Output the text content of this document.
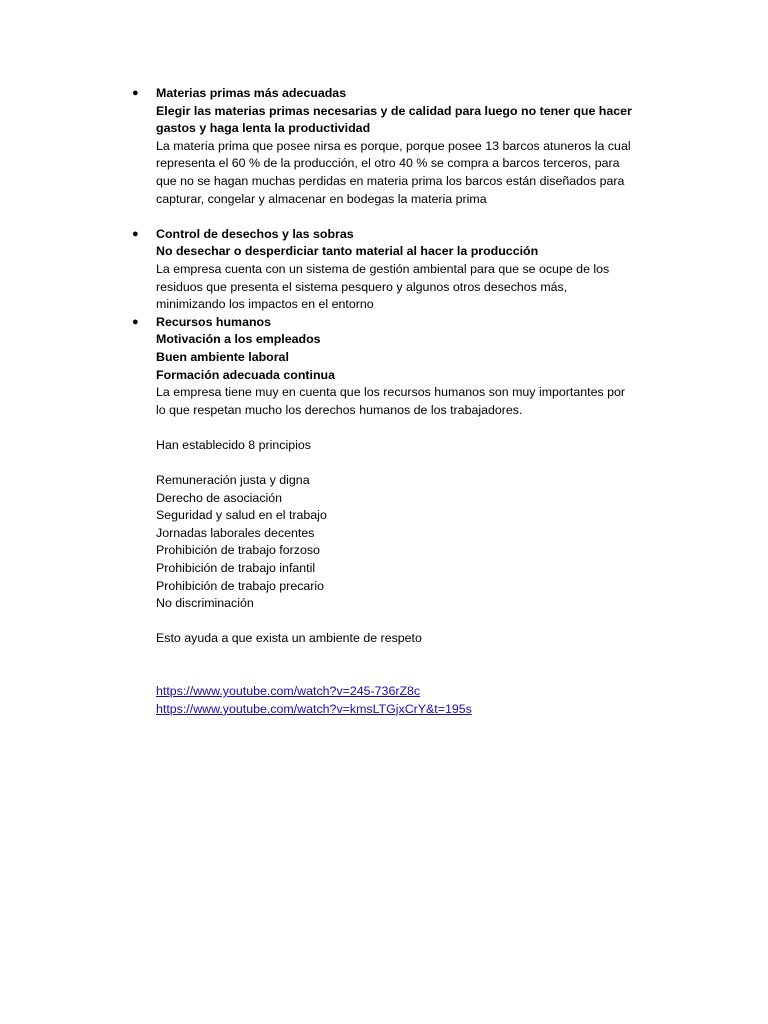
● Materias primas más adecuadas
Elegir las materias primas necesarias y de calidad para luego no tener que hacer
gastos y haga lenta la productividad
La materia prima que posee nirsa es porque, porque posee 13 barcos atuneros la cual
representa el 60 % de la producción, el otro 40 % se compra a barcos terceros, para
que no se hagan muchas perdidas en materia prima los barcos están diseñados para
capturar, congelar y almacenar en bodegas la materia prima
● Control de desechos y las sobras
No desechar o desperdiciar tanto material al hacer la producción
La empresa cuenta con un sistema de gestión ambiental para que se ocupe de los
residuos que presenta el sistema pesquero y algunos otros desechos más,
minimizando los impactos en el entorno
● Recursos humanos
Motivación a los empleados
Buen ambiente laboral
Formación adecuada continua
La empresa tiene muy en cuenta que los recursos humanos son muy importantes por
lo que respetan mucho los derechos humanos de los trabajadores.
Han establecido 8 principios
Remuneración justa y digna
Derecho de asociación
Seguridad y salud en el trabajo
Jornadas laborales decentes
Prohibición de trabajo forzoso
Prohibición de trabajo infantil
Prohibición de trabajo precario
No discriminación
Esto ayuda a que exista un ambiente de respeto
https://www.youtube.com/watch?v=245-736rZ8c
https://www.youtube.com/watch?v=kmsLTGjxCrY&t=195s
